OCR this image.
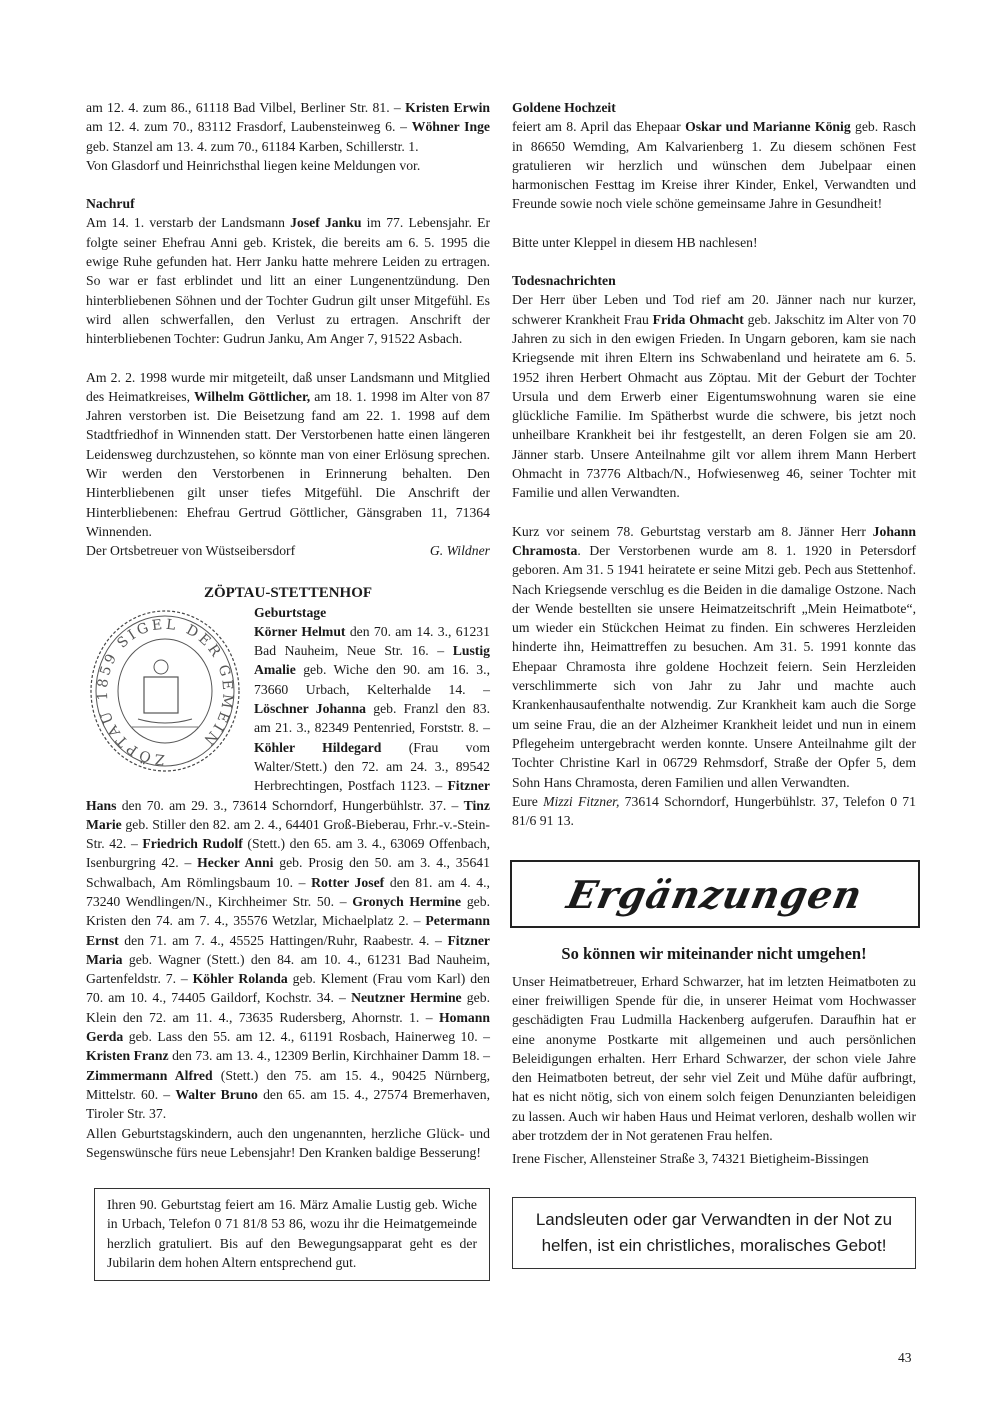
am 12. 4. zum 86., 61118 Bad Vilbel, Berliner Str. 81. – Kristen Erwin am 12. 4. zum 70., 83112 Frasdorf, Laubensteinweg 6. – Wöhner Inge geb. Stanzel am 13. 4. zum 70., 61184 Karben, Schillerstr. 1.

Von Glasdorf und Heinrichsthal liegen keine Meldungen vor.

Nachruf

Am 14. 1. verstarb der Landsmann Josef Janku im 77. Lebensjahr. Er folgte seiner Ehefrau Anni geb. Kristek, die bereits am 6. 5. 1995 die ewige Ruhe gefunden hat. Herr Janku hatte mehrere Leiden zu ertragen. So war er fast erblindet und litt an einer Lungenentzündung. Den hinterbliebenen Söhnen und der Tochter Gudrun gilt unser Mitgefühl. Es wird allen schwerfallen, den Verlust zu ertragen. Anschrift der hinterbliebenen Tochter: Gudrun Janku, Am Anger 7, 91522 Asbach.

Am 2. 2. 1998 wurde mir mitgeteilt, daß unser Landsmann und Mitglied des Heimatkreises, Wilhelm Göttlicher, am 18. 1. 1998 im Alter von 87 Jahren verstorben ist. Die Beisetzung fand am 22. 1. 1998 auf dem Stadtfriedhof in Winnenden statt. Der Verstorbenen hatte einen längeren Leidensweg durchzustehen, so könnte man von einer Erlösung sprechen. Wir werden den Verstorbenen in Erinnerung behalten. Den Hinterbliebenen gilt unser tiefes Mitgefühl. Die Anschrift der Hinterbliebenen: Ehefrau Gertrud Göttlicher, Gänsgraben 11, 71364 Winnenden.

Der Ortsbetreuer von Wüstseibersdorf	G. Wildner
ZÖPTAU-STETTENHOF
ZÖPTAU 1859 SIGEL DER GEMEIN

Geburtstage

Körner Helmut den 70. am 14. 3., 61231 Bad Nauheim, Neue Str. 16. – Lustig Amalie geb. Wiche den 90. am 16. 3., 73660 Urbach, Kelterhalde 14. – Löschner Johanna geb. Franzl den 83. am 21. 3., 82349 Pentenried, Forststr. 8. – Köhler Hildegard (Frau vom Walter/Stett.) den 72. am 24. 3., 89542 Herbrechtingen, Postfach 1123. – Fitzner Hans den 70. am 29. 3., 73614 Schorndorf, Hungerbühlstr. 37. – Tinz Marie geb. Stiller den 82. am 2. 4., 64401 Groß-Bieberau, Frhr.-v.-Stein-Str. 42. – Friedrich Rudolf (Stett.) den 65. am 3. 4., 63069 Offenbach, Isenburgring 42. – Hecker Anni geb. Prosig den 50. am 3. 4., 35641 Schwalbach, Am Römlingsbaum 10. – Rotter Josef den 81. am 4. 4., 73240 Wendlingen/N., Kirchheimer Str. 50. – Gronych Hermine geb. Kristen den 74. am 7. 4., 35576 Wetzlar, Michaelplatz 2. – Petermann Ernst den 71. am 7. 4., 45525 Hattingen/Ruhr, Raabestr. 4. – Fitzner Maria geb. Wagner (Stett.) den 84. am 10. 4., 61231 Bad Nauheim, Gartenfeldstr. 7. – Köhler Rolanda geb. Klement (Frau vom Karl) den 70. am 10. 4., 74405 Gaildorf, Kochstr. 34. – Neutzner Hermine geb. Klein den 72. am 11. 4., 73635 Rudersberg, Ahornstr. 1. – Homann Gerda geb. Lass den 55. am 12. 4., 61191 Rosbach, Hainerweg 10. – Kristen Franz den 73. am 13. 4., 12309 Berlin, Kirchhainer Damm 18. – Zimmermann Alfred (Stett.) den 75. am 15. 4., 90425 Nürnberg, Mittelstr. 60. – Walter Bruno den 65. am 15. 4., 27574 Bremerhaven, Tiroler Str. 37.

Allen Geburtstagskindern, auch den ungenannten, herzliche Glück- und Segenswünsche fürs neue Lebensjahr! Den Kranken baldige Besserung!

Ihren 90. Geburtstag feiert am 16. März Amalie Lustig geb. Wiche in Urbach, Telefon 0 71 81/8 53 86, wozu ihr die Heimatgemeinde herzlich gratuliert. Bis auf den Bewegungsapparat geht es der Jubilarin dem hohen Altern entsprechend gut.

Goldene Hochzeit

feiert am 8. April das Ehepaar Oskar und Marianne König geb. Rasch in 86650 Wemding, Am Kalvarienberg 1. Zu diesem schönen Fest gratulieren wir herzlich und wünschen dem Jubelpaar einen harmonischen Festtag im Kreise ihrer Kinder, Enkel, Verwandten und Freunde sowie noch viele schöne gemeinsame Jahre in Gesundheit!

Bitte unter Kleppel in diesem HB nachlesen!

Todesnachrichten

Der Herr über Leben und Tod rief am 20. Jänner nach nur kurzer, schwerer Krankheit Frau Frida Ohmacht geb. Jakschitz im Alter von 70 Jahren zu sich in den ewigen Frieden. In Ungarn geboren, kam sie nach Kriegsende mit ihren Eltern ins Schwabenland und heiratete am 6. 5. 1952 ihren Herbert Ohmacht aus Zöptau. Mit der Geburt der Tochter Ursula und dem Erwerb einer Eigentumswohnung waren sie eine glückliche Familie. Im Spätherbst wurde die schwere, bis jetzt noch unheilbare Krankheit bei ihr festgestellt, an deren Folgen sie am 20. Jänner starb. Unsere Anteilnahme gilt vor allem ihrem Mann Herbert Ohmacht in 73776 Altbach/N., Hofwiesenweg 46, seiner Tochter mit Familie und allen Verwandten.

Kurz vor seinem 78. Geburtstag verstarb am 8. Jänner Herr Johann Chramosta. Der Verstorbenen wurde am 8. 1. 1920 in Petersdorf geboren. Am 31. 5 1941 heiratete er seine Mitzi geb. Pech aus Stettenhof. Nach Kriegsende verschlug es die Beiden in die damalige Ostzone. Nach der Wende bestellten sie unsere Heimatzeitschrift „Mein Heimatbote“, um wieder ein Stückchen Heimat zu finden. Ein schweres Herzleiden hinderte ihn, Heimattreffen zu besuchen. Am 31. 5. 1991 konnte das Ehepaar Chramosta ihre goldene Hochzeit feiern. Sein Herzleiden verschlimmerte sich von Jahr zu Jahr und machte auch Krankenhausaufenthalte notwendig. Zur Krankheit kam auch die Sorge um seine Frau, die an der Alzheimer Krankheit leidet und nun in einem Pflegeheim untergebracht werden konnte. Unsere Anteilnahme gilt der Tochter Christine Karl in 06729 Rehmsdorf, Straße der Opfer 5, dem Sohn Hans Chramosta, deren Familien und allen Verwandten.

Eure Mizzi Fitzner, 73614 Schorndorf, Hungerbühlstr. 37, Telefon 0 71 81/6 91 13.

Ergänzungen
So können wir miteinander nicht umgehen!

Unser Heimatbetreuer, Erhard Schwarzer, hat im letzten Heimatboten zu einer freiwilligen Spende für die, in unserer Heimat vom Hochwasser geschädigten Frau Ludmilla Hackenberg aufgerufen. Daraufhin hat er eine anonyme Postkarte mit allgemeinen und auch persönlichen Beleidigungen erhalten. Herr Erhard Schwarzer, der schon viele Jahre den Heimatboten betreut, der sehr viel Zeit und Mühe dafür aufbringt, hat es nicht nötig, sich von einem solch feigen Denunzianten beleidigen zu lassen. Auch wir haben Haus und Heimat verloren, deshalb wollen wir aber trotzdem der in Not geratenen Frau helfen.

Irene Fischer, Allensteiner Straße 3, 74321 Bietigheim-Bissingen

Landsleuten oder gar Verwandten in der Not zu helfen, ist ein christliches, moralisches Gebot!

43
